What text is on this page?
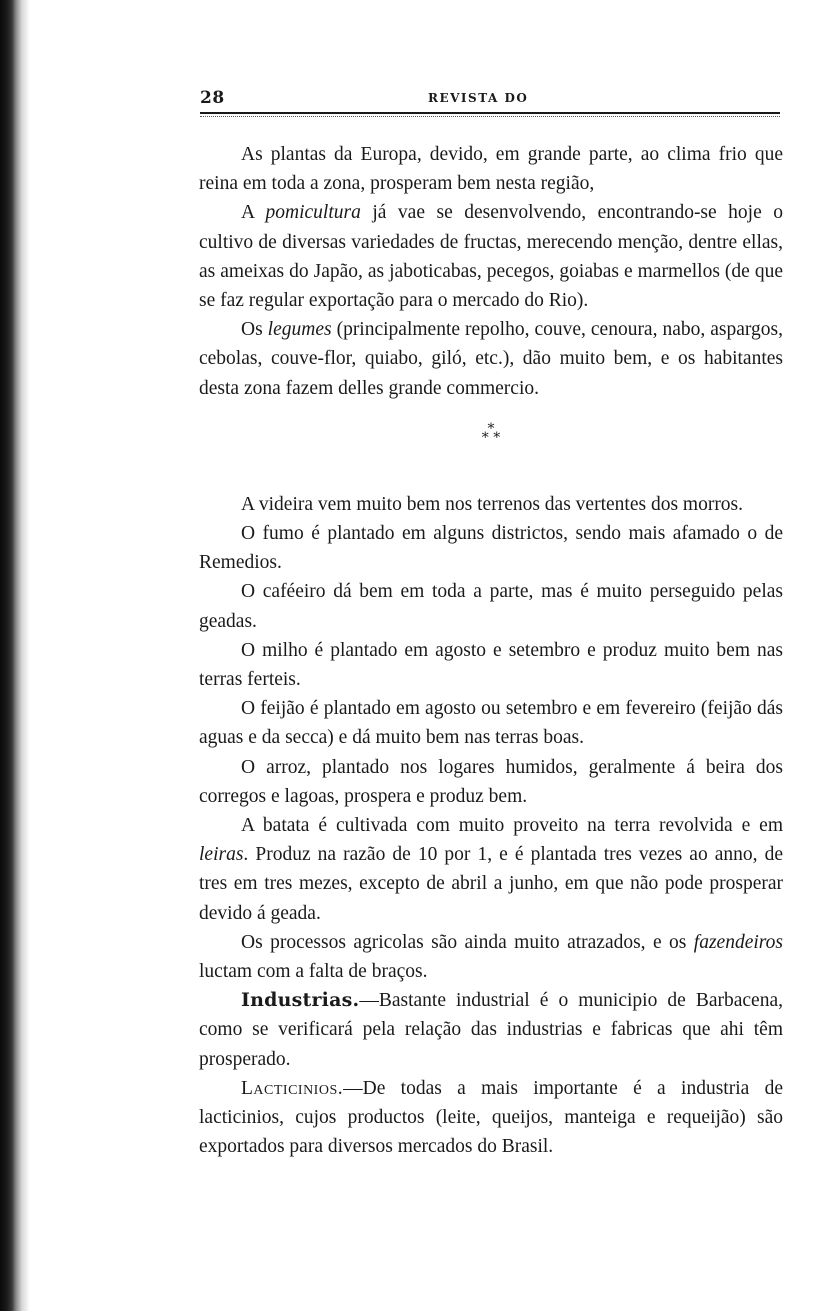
28	REVISTA DO

As plantas da Europa, devido, em grande parte, ao clima frio que reina em toda a zona, prosperam bem nesta região,

A pomicultura já vae se desenvolvendo, encontrando-se hoje o cultivo de diversas variedades de fructas, merecendo menção, dentre ellas, as ameixas do Japão, as jaboticabas, pecegos, goiabas e marmellos (de que se faz regular exportação para o mercado do Rio).

Os legumes (principalmente repolho, couve, cenoura, nabo, aspargos, cebolas, couve-flor, quiabo, giló, etc.), dão muito bem, e os habitantes desta zona fazem delles grande commercio.

*
* *

A videira vem muito bem nos terrenos das vertentes dos morros.

O fumo é plantado em alguns districtos, sendo mais afamado o de Remedios.

O caféeiro dá bem em toda a parte, mas é muito perseguido pelas geadas.

O milho é plantado em agosto e setembro e produz muito bem nas terras ferteis.

O feijão é plantado em agosto ou setembro e em fevereiro (feijão dás aguas e da secca) e dá muito bem nas terras boas.

O arroz, plantado nos logares humidos, geralmente á beira dos corregos e lagoas, prospera e produz bem.

A batata é cultivada com muito proveito na terra revolvida e em leiras. Produz na razão de 10 por 1, e é plantada tres vezes ao anno, de tres em tres mezes, excepto de abril a junho, em que não pode prosperar devido á geada.

Os processos agricolas são ainda muito atrazados, e os fazendeiros luctam com a falta de braços.

Industrias.—Bastante industrial é o municipio de Barbacena, como se verificará pela relação das industrias e fabricas que ahi têm prosperado.

Lacticinios.—De todas a mais importante é a industria de lacticinios, cujos productos (leite, queijos, manteiga e requeijão) são exportados para diversos mercados do Brasil.
